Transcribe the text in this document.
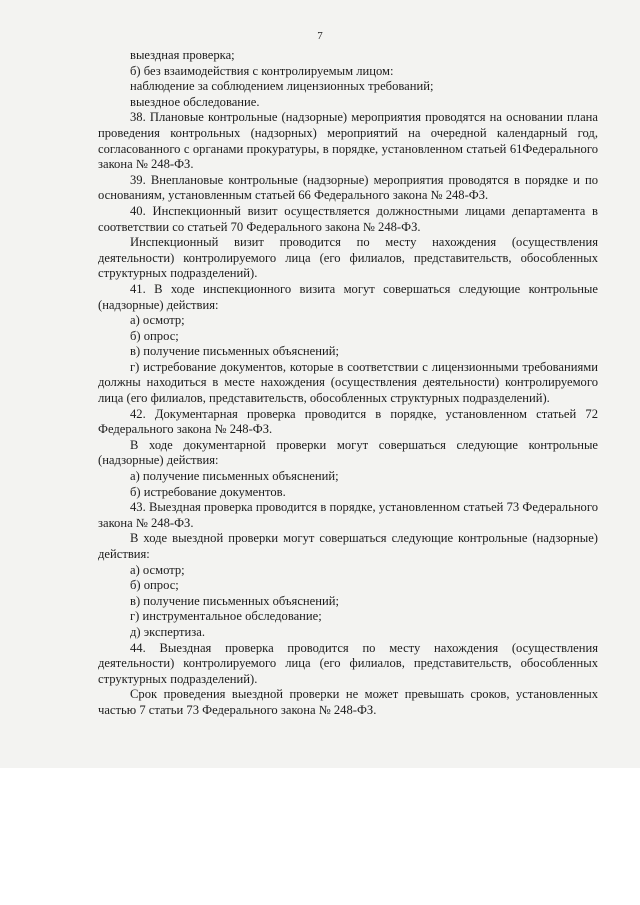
7

выездная проверка;

б) без взаимодействия с контролируемым лицом:

наблюдение за соблюдением лицензионных требований;

выездное обследование.

38. Плановые контрольные (надзорные) мероприятия проводятся на основании плана проведения контрольных (надзорных) мероприятий на очередной календарный год, согласованного с органами прокуратуры, в порядке, установленном статьей 61Федерального закона № 248-ФЗ.

39. Внеплановые контрольные (надзорные) мероприятия проводятся в порядке и по основаниям, установленным статьей 66 Федерального закона № 248-ФЗ.

40. Инспекционный визит осуществляется должностными лицами департамента в соответствии со статьей 70 Федерального закона № 248-ФЗ.

Инспекционный визит проводится по месту нахождения (осуществления деятельности) контролируемого лица (его филиалов, представительств, обособленных структурных подразделений).

41. В ходе инспекционного визита могут совершаться следующие контрольные (надзорные) действия:

а) осмотр;

б) опрос;

в) получение письменных объяснений;

г) истребование документов, которые в соответствии с лицензионными требованиями должны находиться в месте нахождения (осуществления деятельности) контролируемого лица (его филиалов, представительств, обособленных структурных подразделений).

42. Документарная проверка проводится в порядке, установленном статьей 72 Федерального закона № 248-ФЗ.

В ходе документарной проверки могут совершаться следующие контрольные (надзорные) действия:

а) получение письменных объяснений;

б) истребование документов.

43. Выездная проверка проводится в порядке, установленном статьей 73 Федерального закона № 248-ФЗ.

В ходе выездной проверки могут совершаться следующие контрольные (надзорные) действия:

а) осмотр;

б) опрос;

в) получение письменных объяснений;

г) инструментальное обследование;

д) экспертиза.

44. Выездная проверка проводится по месту нахождения (осуществления деятельности) контролируемого лица (его филиалов, представительств, обособленных структурных подразделений).

Срок проведения выездной проверки не может превышать сроков, установленных частью 7 статьи 73 Федерального закона № 248-ФЗ.
